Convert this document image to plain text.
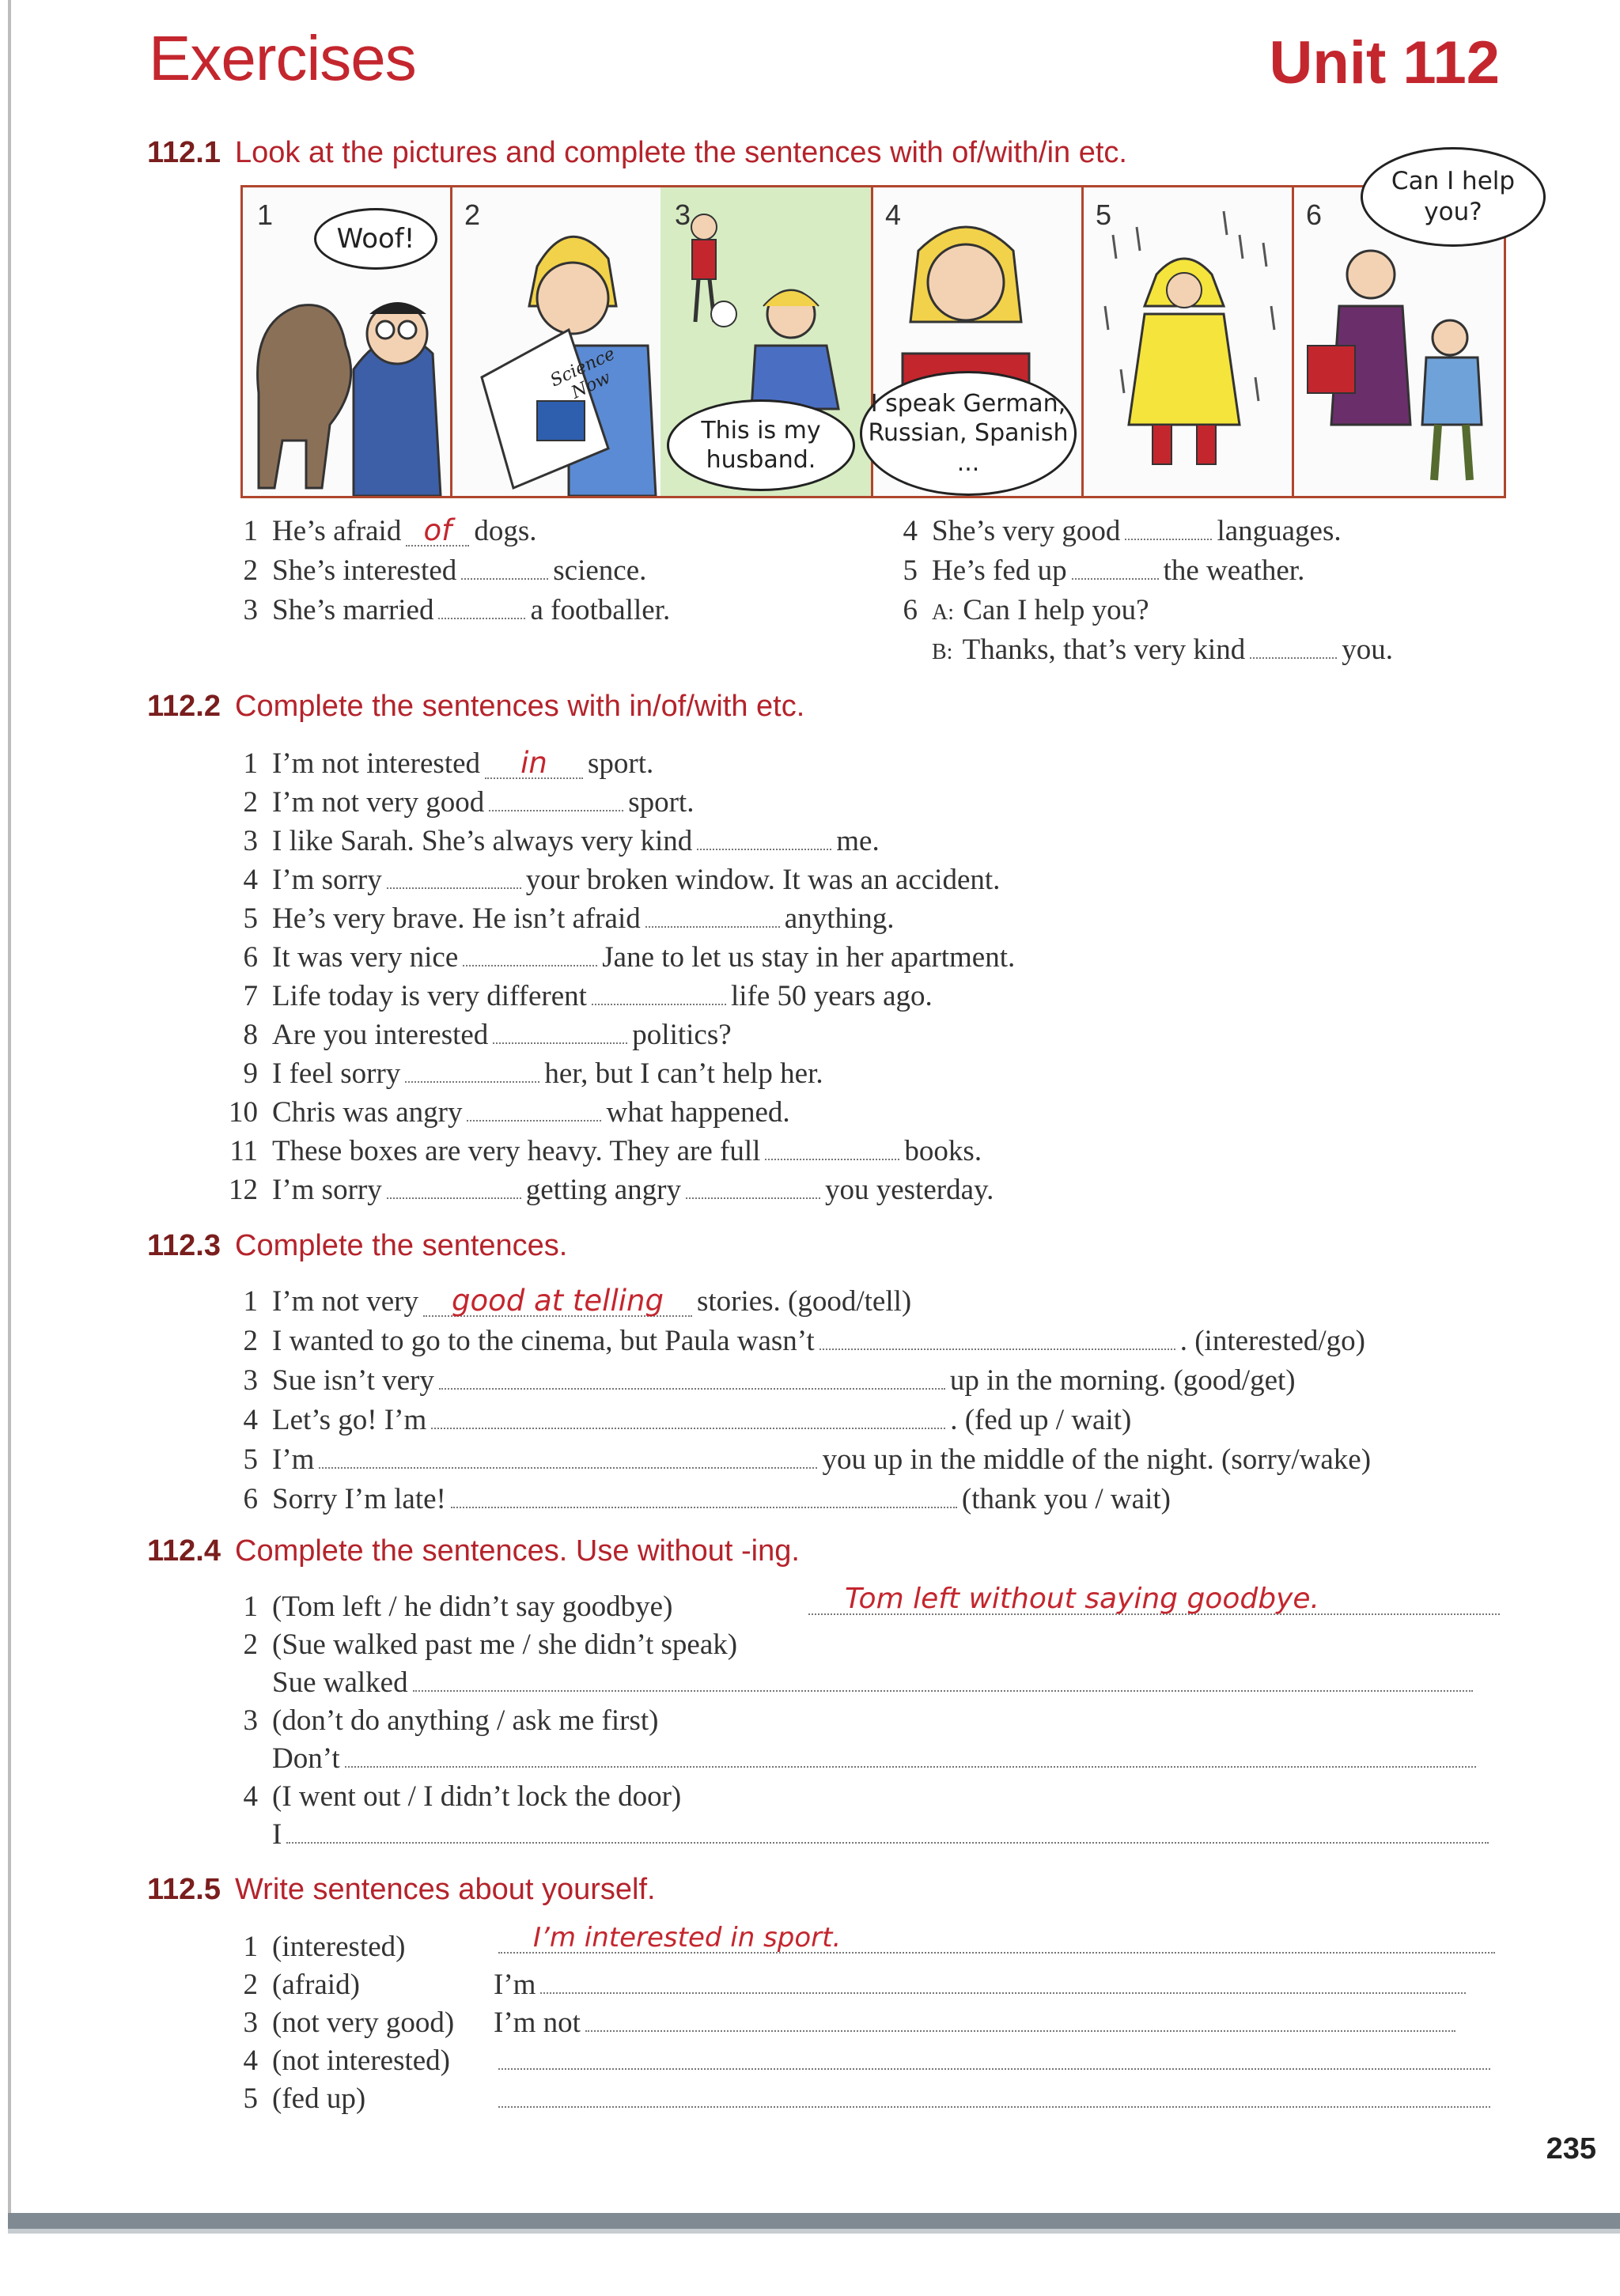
Exercises	Unit 112
112.1 Look at the pictures and complete the sentences with of/with/in etc.
1
Woof!
2
Science Now
3
This is my husband.
4
I speak German, Russian, Spanish ...
5	6
Can I help you?
1 He’s afraid of dogs.
2 She’s interested	science.
3 She’s married	a footballer.
4 She’s very good	languages.
5 He’s fed up	the weather.
6 A: Can I help you?
B: Thanks, that’s very kind	you.
112.2 Complete the sentences with in/of/with etc.
1 I’m not interested in sport.
2 I’m not very good	sport.
3 I like Sarah. She’s always very kind	me.
4 I’m sorry	your broken window. It was an accident.
5 He’s very brave. He isn’t afraid	anything.
6 It was very nice	Jane to let us stay in her apartment.
7 Life today is very different	life 50 years ago.
8 Are you interested	politics?
9 I feel sorry	her, but I can’t help her.
10 Chris was angry	what happened.
11 These boxes are very heavy. They are full	books.
12 I’m sorry	getting angry	you yesterday.
112.3 Complete the sentences.
1 I’m not very good at telling stories. (good/tell)
2 I wanted to go to the cinema, but Paula wasn’t	. (interested/go)
3 Sue isn’t very	up in the morning. (good/get)
4 Let’s go! I’m	. (fed up / wait)
5 I’m	you up in the middle of the night. (sorry/wake)
6 Sorry I’m late!	(thank you / wait)
112.4 Complete the sentences. Use without -ing.
1 (Tom left / he didn’t say goodbye)	Tom left without saying goodbye.
2 (Sue walked past me / she didn’t speak)
Sue walked
3 (don’t do anything / ask me first)
Don’t
4 (I went out / I didn’t lock the door)
I
112.5 Write sentences about yourself.
1 (interested)	I’m interested in sport.
2 (afraid)	I’m
3 (not very good) I’m not
4 (not interested)
5 (fed up)
235
